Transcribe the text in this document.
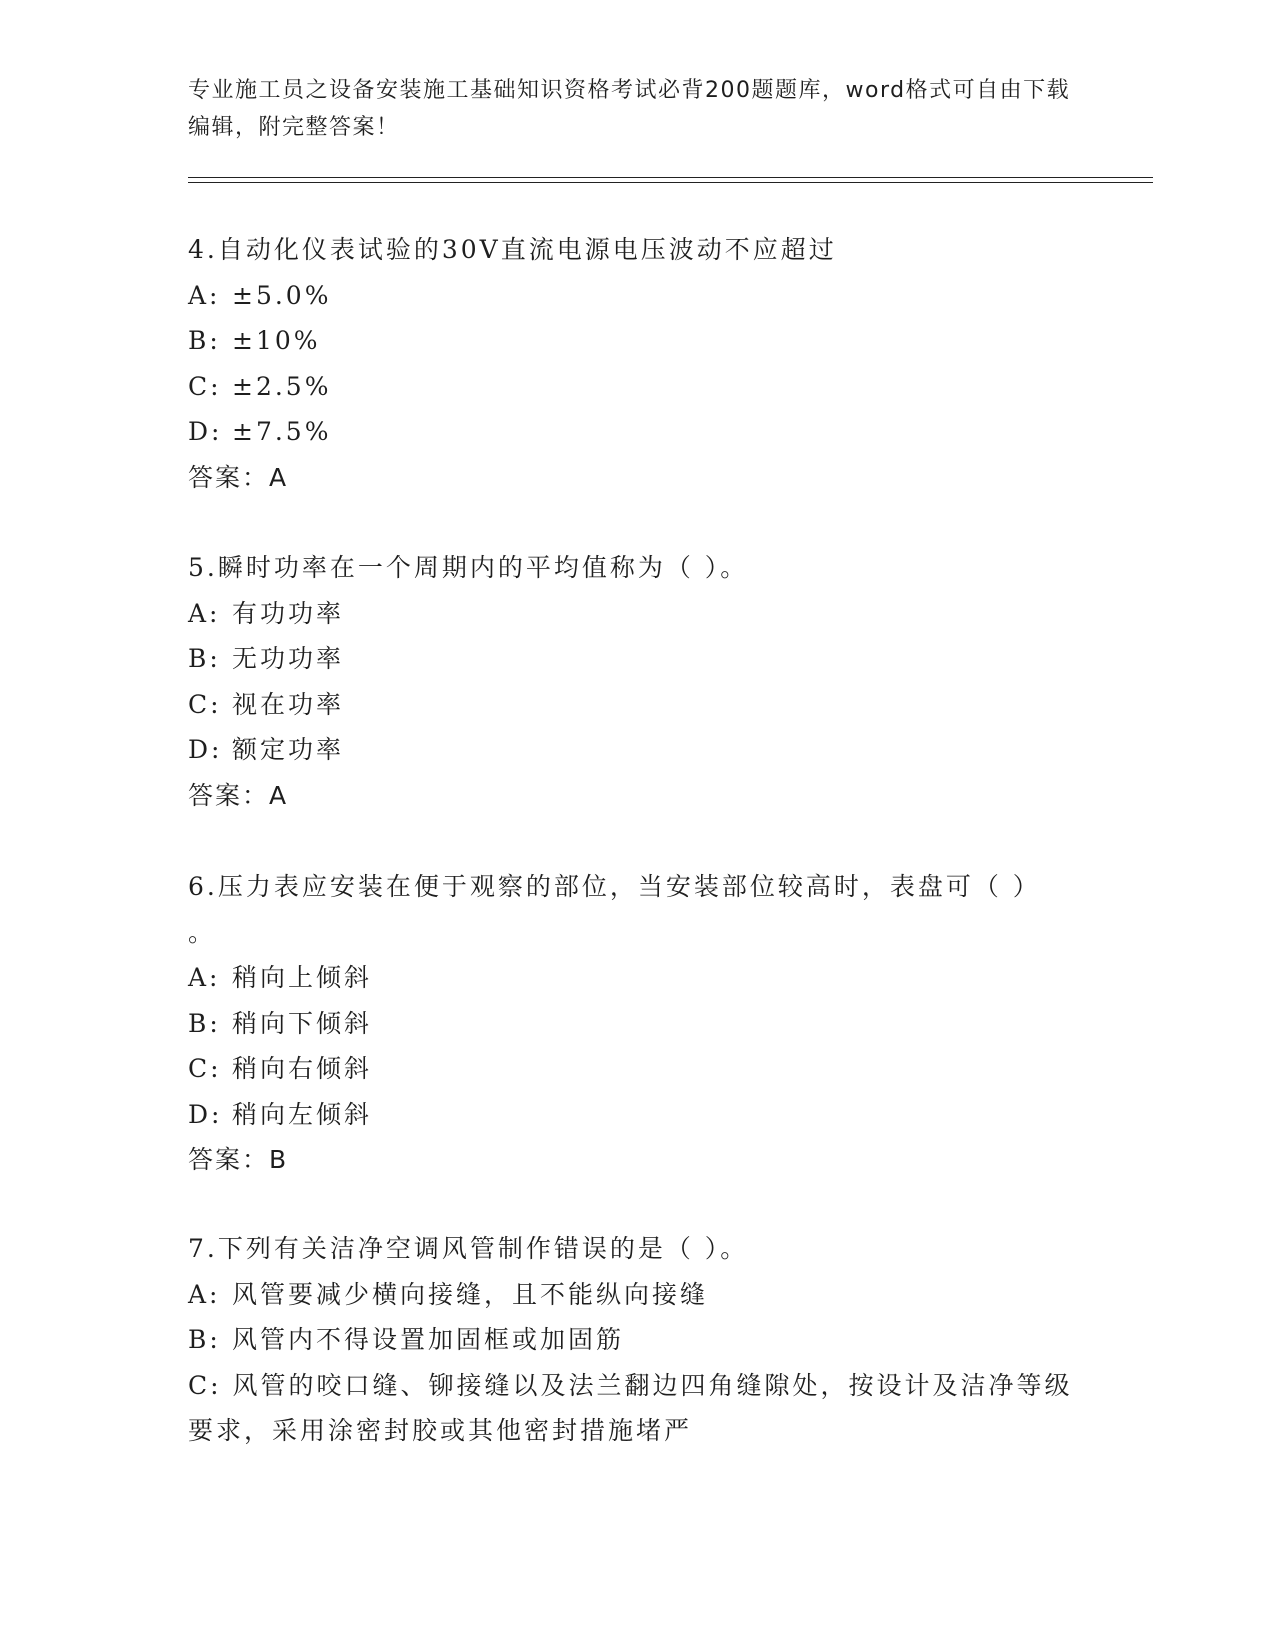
专业施工员之设备安装施工基础知识资格考试必背200题题库，word格式可自由下载编辑，附完整答案！
4.自动化仪表试验的30V直流电源电压波动不应超过
A: ±5.0%
B: ±10%
C: ±2.5%
D: ±7.5%
答案：A
5.瞬时功率在一个周期内的平均值称为（ ）。
A: 有功功率
B: 无功功率
C: 视在功率
D: 额定功率
答案：A
6.压力表应安装在便于观察的部位，当安装部位较高时，表盘可（ ）
。
A: 稍向上倾斜
B: 稍向下倾斜
C: 稍向右倾斜
D: 稍向左倾斜
答案：B
7.下列有关洁净空调风管制作错误的是（ ）。
A: 风管要减少横向接缝，且不能纵向接缝
B: 风管内不得设置加固框或加固筋
C: 风管的咬口缝、铆接缝以及法兰翻边四角缝隙处，按设计及洁净等级要求，采用涂密封胶或其他密封措施堵严
